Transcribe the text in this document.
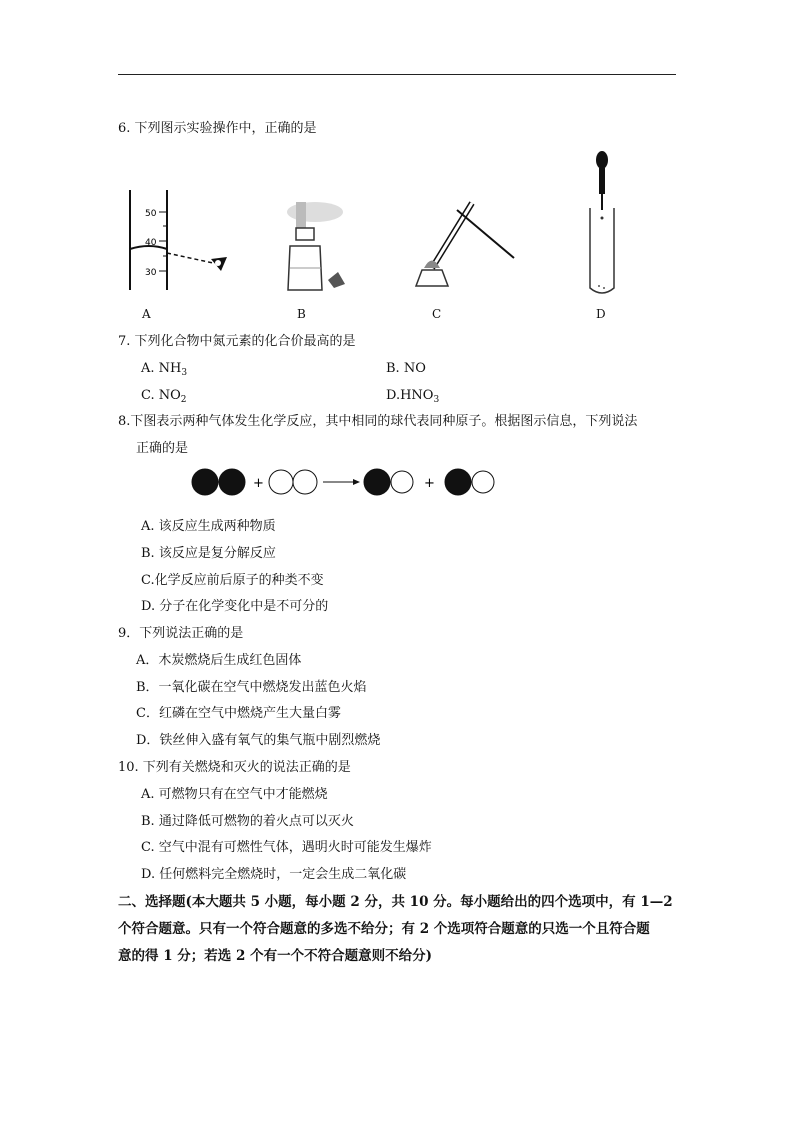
6. 下列图示实验操作中，正确的是
50
40
30
A	B	C	D
7. 下列化合物中氮元素的化合价最高的是
A. $NH_3$	B. NO
C. $NO_2$	$D.HNO_3$
8.下图表示两种气体发生化学反应，其中相同的球代表同种原子。根据图示信息，下列说法
正确的是
+	+
A. 该反应生成两种物质
B. 该反应是复分解反应
C.化学反应前后原子的种类不变
D. 分子在化学变化中是不可分的
9．下列说法正确的是
A．木炭燃烧后生成红色固体
B．一氧化碳在空气中燃烧发出蓝色火焰
C．红磷在空气中燃烧产生大量白雾
D．铁丝伸入盛有氧气的集气瓶中剧烈燃烧
10. 下列有关燃烧和灭火的说法正确的是
A. 可燃物只有在空气中才能燃烧
B. 通过降低可燃物的着火点可以灭火
C. 空气中混有可燃性气体，遇明火时可能发生爆炸
D. 任何燃料完全燃烧时，一定会生成二氧化碳
二、选择题(本大题共 5 小题，每小题 2 分，共 10 分。每小题给出的四个选项中，有 1—2
个符合题意。只有一个符合题意的多选不给分；有 2 个选项符合题意的只选一个且符合题
意的得 1 分；若选 2 个有一个不符合题意则不给分)
